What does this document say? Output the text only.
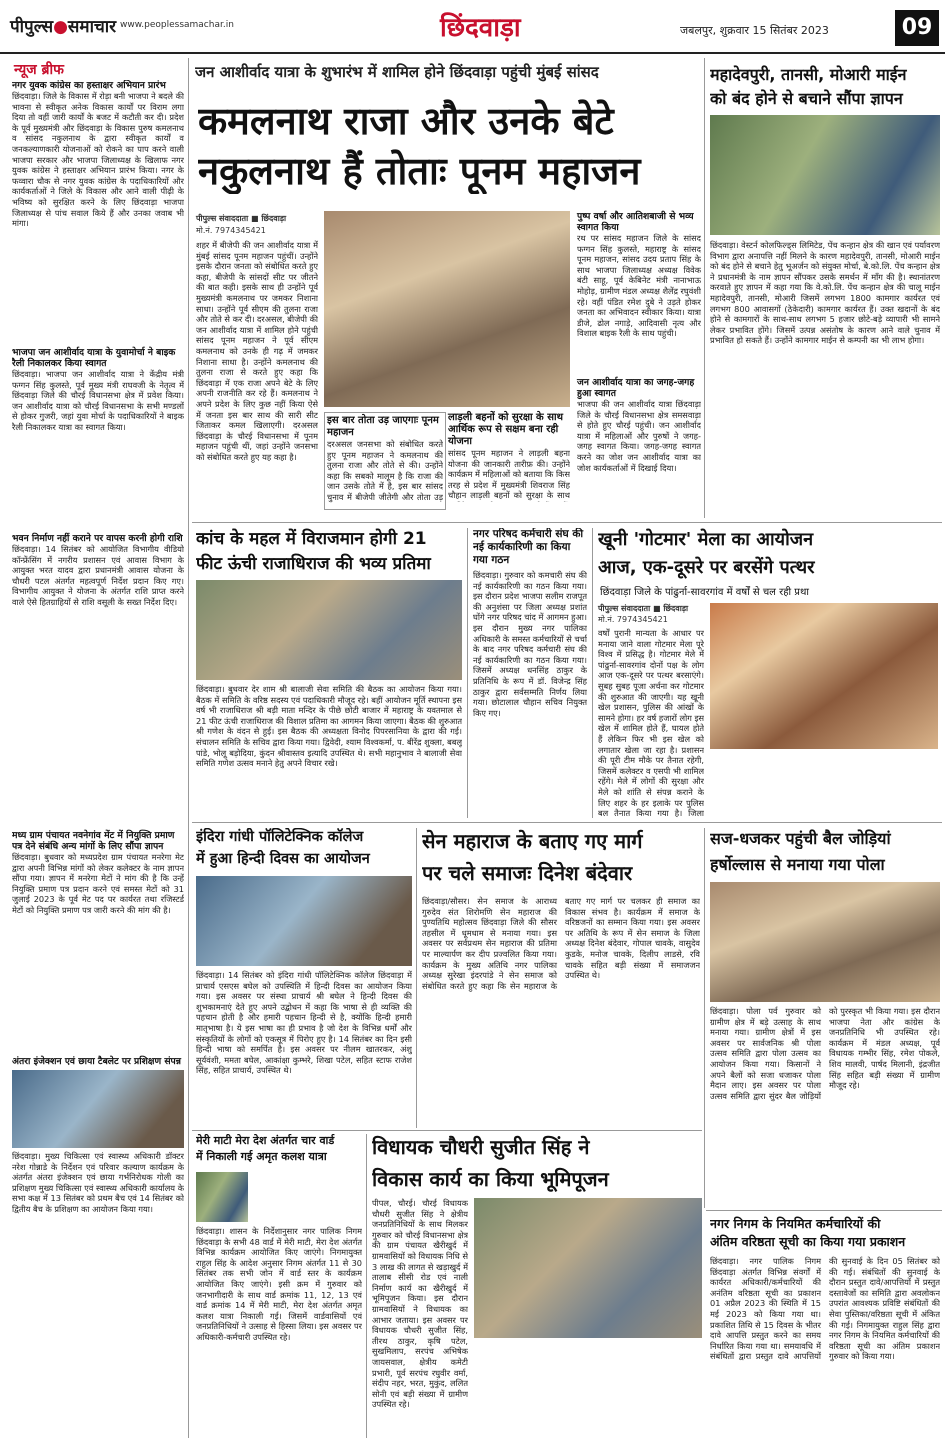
पीपुल्स●समाचार www.peoplessamachar.in	छिंदवाड़ा	जबलपुर, शुक्रवार 15 सितंबर 2023	09
न्यूज ब्रीफ
नगर युवक कांग्रेस का हस्ताक्षर अभियान प्रारंभ
छिंदवाड़ा। जिले के विकास में रोड़ा बनी भाजपा ने बदले की भावना से स्वीकृत अनेक विकास कार्यों पर विराम लगा दिया तो वहीं जारी कार्यों के बजट में कटौती कर दी। प्रदेश के पूर्व मुख्यमंत्री और छिंदवाड़ा के विकास पुरुष कमलनाथ व सांसद नकुलनाथ के द्वारा स्वीकृत कार्यों व जनकल्याणकारी योजनाओं को रोकने का पाप करने वाली भाजपा सरकार और भाजपा जिलाध्यक्ष के खिलाफ नगर युवक कांग्रेस ने हस्ताक्षर अभियान प्रारंभ किया। नगर के फव्वारा चौक से नगर युवक कांग्रेस के पदाधिकारियों और कार्यकर्ताओं ने जिले के विकास और आने वाली पीढ़ी के भविष्य को सुरक्षित करने के लिए छिंदवाड़ा भाजपा जिलाध्यक्ष से पांच सवाल किये हैं और उनका जवाब भी मांगा।
भाजपा जन आशीर्वाद यात्रा के युवामोर्चा ने बाइक रैली निकालकर किया स्वागत
छिंदवाड़ा। भाजपा जन आशीर्वाद यात्रा ने केंद्रीय मंत्री फग्गन सिंह कुलस्ते, पूर्व मुख्य मंत्री राघवजी के नेतृत्व में छिंदवाड़ा जिले की चौरई विधानसभा क्षेत्र में प्रवेश किया। जन आशीर्वाद यात्रा को चौरई विधानसभा के सभी मण्डलों से होकर गुजरी, जहां युवा मोर्चा के पदाधिकारियों ने बाइक रैली निकालकर यात्रा का स्वागत किया।
भवन निर्माण नहीं कराने पर वापस करनी होगी राशि
छिंदवाड़ा। 14 सितंबर को आयोजित विभागीय वीडियो कॉन्फ्रेंसिंग में नगरीय प्रशासन एवं आवास विभाग के आयुक्त भरत यादव द्वारा प्रधानमंत्री आवास योजना के चौधरी पटल अंतर्गत महत्वपूर्ण निर्देश प्रदान किए गए। विभागीय आयुक्त ने योजना के अंतर्गत राशि प्राप्त करने वाले ऐसे हितग्राहियों से राशि वसूली के सख्त निर्देश दिए।
मध्य ग्राम पंचायत नवनेगांव मेंट में नियुक्ति प्रमाण पत्र देने संबंधि अन्य मांगों के लिए सौंपा ज्ञापन
छिंदवाड़ा। बुधवार को मध्यप्रदेश ग्राम पंचायत मनरेगा मेट द्वारा अपनी विभिन्न मांगों को लेकर कलेक्टर के नाम ज्ञापन सौंपा गया। ज्ञापन में मनरेगा मेटों ने मांग की है कि उन्हें नियुक्ति प्रमाण पत्र प्रदान करने एवं समस्त मेटों को 31 जुलाई 2023 के पूर्व मेट पद पर कार्यरत तथा रजिस्टर्ड मेटों को नियुक्ति प्रमाण पत्र जारी करने की मांग की है।
अंतरा इंजेक्शन एवं छाया टैबलेट पर प्रशिक्षण संपन्न
छिंदवाड़ा। मुख्य चिकित्सा एवं स्वास्थ्य अधिकारी डॉक्टर नरेश गोन्नाडे के निर्देशन एवं परिवार कल्याण कार्यक्रम के अंतर्गत अंतरा इंजेक्शन एवं छाया गर्भनिरोधक गोली का प्रशिक्षण मुख्य चिकित्सा एवं स्वास्थ्य अधिकारी कार्यालय के सभा कक्ष में 13 सितंबर को प्रथम बैच एवं 14 सितंबर को द्वितीय बैच के प्रशिक्षण का आयोजन किया गया।
जन आशीर्वाद यात्रा के शुभारंभ में शामिल होने छिंदवाड़ा पहुंची मुंबई सांसद
कमलनाथ राजा और उनके बेटे
नकुलनाथ हैं तोताः पूनम महाजन
पीपुल्स संवाददाता ■ छिंदवाड़ा
मो.नं. 7974345421
शहर में बीजेपी की जन आशीर्वाद यात्रा में मुंबई सांसद पूनम महाजन पहुंचीं। उन्होंने इसके दौरान जनता को संबोधित करते हुए कहा, बीजेपी के सांसदों सीट पर जीतने की बात कही। इसके साथ ही उन्होंने पूर्व मुख्यमंत्री कमलनाथ पर जमकर निशाना साधा। उन्होंने पूर्व सीएम की तुलना राजा और तोते से कर दी। दरअसल, बीजेपी की जन आशीर्वाद यात्रा में शामिल होने पहुंची सांसद पूनम महाजन ने पूर्व सीएम कमलनाथ को उनके ही गढ़ में जमकर निशाना साधा है। उन्होंने कमलनाथ की तुलना राजा से करते हुए कहा कि छिंदवाड़ा में एक राजा अपने बेटे के लिए अपनी राजनीति कर रहे हैं। कमलनाथ ने अपने प्रदेश के लिए कुछ नहीं किया ऐसे में जनता इस बार साथ की सारी सीट जिताकर कमल खिलाएगी। दरअसल छिंदवाड़ा के चौरई विधानसभा में पूनम महाजन पहुंची थीं, जहां उन्होंने जनसभा को संबोधित करते हुए यह कहा है।
इस बार तोता उड़ जाएगाः पूनम महाजन
दरअसल जनसभा को संबोधित करते हुए पूनम महाजन ने कमलनाथ की तुलना राजा और तोते से की। उन्होंने कहा कि सबको मालूम है कि राजा की जान उसके तोते में है, इस बार सांसद चुनाव में बीजेपी जीतेगी और तोता उड़
लाड़ली बहनों को सुरक्षा के साथ आर्थिक रूप से सक्षम बना रही योजना
सांसद पूनम महाजन ने लाड़ली बहना योजना की जानकारी तारीफ़ की। उन्होंने कार्यक्रम में महिलाओं को बताया कि किस तरह से प्रदेश में मुख्यमंत्री शिवराज सिंह चौहान लाड़ली बहनों को सुरक्षा के साथ
पुष्प वर्षा और आतिशबाजी से भव्य स्वागत किया
रथ पर सांसद महाजन जिले के सांसद फग्गन सिंह कुलस्ते, महाराष्ट्र के सांसद पूनम महाजन, सांसद उदय प्रताप सिंह के साथ भाजपा जिलाध्यक्ष अध्यक्ष विवेक बंटी साहू, पूर्व केबिनेट मंत्री नानाभाऊ मोहोड़, ग्रामीण मंडल अध्यक्ष शैलेंद्र रघुवंशी रहे। वहीं पंडित रमेश दुबे ने उड़ते होकर जनता का अभिवादन स्वीकार किया। यात्रा डीजे, ढोल नगाड़े, आदिवासी नृत्य और विशाल बाइक रैली के साथ पहुंची।
जन आशीर्वाद यात्रा का जगह-जगह हुआ स्वागत
भाजपा की जन आशीर्वाद यात्रा छिंदवाड़ा जिले के चौरई विधानसभा क्षेत्र समसवाड़ा से होते हुए चौरई पहुंची। जन आशीर्वाद यात्रा में महिलाओं और पुरुषों ने जगह-जगह स्वागत किया। जगह-जगह स्वागत करने का जोश जन आशीर्वाद यात्रा का जोश कार्यकर्ताओं में दिखाई दिया।
महादेवपुरी, तानसी, मोआरी माईन
को बंद होने से बचाने सौंपा ज्ञापन
छिंदवाड़ा। वेस्टर्न कोलफिल्ड्स लिमिटेड, पेंच कन्हान क्षेत्र की खान एवं पर्यावरण विभाग द्वारा अनापत्ति नहीं मिलने के कारण महादेवपुरी, तानसी, मोआरी माईन को बंद होने से बचाने हेतु भूअर्जन को संयुक्त मोर्चा, बे.को.लि. पेंच कन्हान क्षेत्र ने प्रधानमंत्री के नाम ज्ञापन सौंपकर उसके समर्थन में माँग की है। स्थानांतरण करवाते हुए ज्ञापन में कहा गया कि वे.को.लि. पेंच कन्हान क्षेत्र की चालू माईन महादेवपुरी, तानसी, मोआरी जिसमें लगभग 1800 कामगार कार्यरत एवं लगभग 800 आवासगों (ठेकेदारी) कामगार कार्यरत हैं। उक्त खदानों के बंद होने से कामगारों के साथ-साथ लगभग 5 हजार छोटे-बड़े व्यापारी भी सामने लेकर प्रभावित होंगे। जिसमें उत्पन्न असंतोष के कारण आने वाले चुनाव में प्रभावित हो सकते हैं। उन्होंने कामगार माईन से कम्पनी का भी लाभ होगा।
कांच के महल में विराजमान होगी 21
फीट ऊंची राजाधिराज की भव्य प्रतिमा
छिंदवाड़ा। बुधवार देर शाम श्री बालाजी सेवा समिति की बैठक का आयोजन किया गया। बैठक में समिति के वरिष्ठ सदस्य एवं पदाधिकारी मौजूद रहे। बहीं आयोजन मूर्ति स्थापना इस वर्ष भी राजाधिराज श्री बड़ी माता मन्दिर के पीछे छोटी बाजार में महाराष्ट्र के यवतमाल से 21 फीट ऊंची राजाधिराज की विशाल प्रतिमा का आगमन किया जाएगा। बैठक की शुरुआत श्री गणेश के वंदन से हुई। इस बैठक की अध्यक्षता विनोद पिपरसानिया के द्वारा की गई। संचालन समिति के सचिव द्वारा किया गया। द्विवेदी, श्याम विश्वकर्मा, प. बीरेंद्र शुक्ला, बबलू पांडे, भोलू बड़ोदिया, कुंदन श्रीवास्तव इत्यादि उपस्थित थे। सभी महानुभाव ने बालाजी सेवा समिति गणेश उत्सव मनाने हेतु अपने विचार रखे।
नगर परिषद कर्मचारी संघ की नई कार्यकारिणी का किया गया गठन
छिंदवाड़ा। गुरुवार को कमचारी संघ की नई कार्यकारिणी का गठन किया गया। इस दौरान प्रदेश भाजपा सलीम राजपूत की अनुशंसा पर जिला अध्यक्ष प्रशांत घोंगे नगर परिषद चांद में आगमन हुआ। इस दौरान मुख्य नगर पालिका अधिकारी के समस्त कर्मचारियों से चर्चा के बाद नगर परिषद कर्मचारी संघ की नई कार्यकारिणी का गठन किया गया। जिसमें अध्यक्ष धनसिंह ठाकुर के प्रतिनिधि के रूप में डॉ. विजेन्द्र सिंह ठाकुर द्वारा सर्वसम्मति निर्णय लिया गया। छोटालाल चौहान सचिव नियुक्त किए गए।
खूनी 'गोटमार' मेला का आयोजन
आज, एक-दूसरे पर बरसेंगे पत्थर
छिंदवाड़ा जिले के पांढुर्ना-सावरगांव में वर्षों से चल रही प्रथा
पीपुल्स संवाददाता ■ छिंदवाड़ा
मो.नं. 7974345421
वर्षों पुरानी मान्यता के आधार पर मनाया जाने वाला गोटमार मेला पूरे विश्व में प्रसिद्ध है। गोटमार मेले में पांढुर्ना-सावरगांव दोनों पक्ष के लोग आज एक-दूसरे पर पत्थर बरसाएंगे। सुबह सुबह पूजा अर्चना कर गोटमार की शुरुआत की जाएगी। यह खूनी खेल प्रशासन, पुलिस की आंखों के सामने होगा। हर वर्ष हजारों लोग इस खेल में शामिल होते हैं, घायल होते हैं लेकिन फिर भी इस खेल को लगातार खेला जा रहा है। प्रशासन की पूरी टीम मौके पर तैनात रहेगी, जिसमें कलेक्टर व एसपी भी शामिल रहेंगे। मेले में लोगों की सुरक्षा और मेले को शांति से संपन्न कराने के लिए शहर के हर इलाके पर पुलिस बल तैनात किया गया है। जिला
इंदिरा गांधी पॉलिटेक्निक कॉलेज
में हुआ हिन्दी दिवस का आयोजन
छिंदवाड़ा। 14 सितंबर को इंदिरा गांधी पॉलिटेक्निक कॉलेज छिंदवाड़ा में प्राचार्य एसएस बघेल को उपस्थिति में हिन्दी दिवस का आयोजन किया गया। इस अवसर पर संस्था प्राचार्य श्री बघेल ने हिन्दी दिवस की शुभकामनाएं देते हुए अपने उद्बोधन में कहा कि भाषा से ही व्यक्ति की पहचान होती है और हमारी पहचान हिन्दी से है, क्योंकि हिन्दी हमारी मातृभाषा है। ये इस भाषा का ही प्रभाव है जो देश के विभिन्न धर्मों और संस्कृतियों के लोगों को एकसूत्र में पिरोए हुए है। 14 सितंबर का दिन इसी हिन्दी भाषा को समर्पित है। इस अवसर पर नीलम खातरकर, अंशु सूर्यवंशी, ममता बघेल, आकांक्षा कुम्भरे, शिखा पटेल, सहित स्टाफ राजेश सिंह, सहित प्राचार्य, उपस्थित थे।
सेन महाराज के बताए गए मार्ग
पर चले समाजः दिनेश बंदेवार
छिंदवाड़ा/सौसर। सेन समाज के आराध्य गुरुदेव संत शिरोमणि सेन महाराज की पुण्यतिथि महोत्सव छिंदवाड़ा जिले की सौसर तहसील में धूमधाम से मनाया गया। इस अवसर पर सर्वप्रथम सेन महाराज की प्रतिमा पर माल्यार्पण कर दीप प्रज्वलित किया गया। कार्यक्रम के मुख्य अतिथि नगर पालिका अध्यक्ष सुरेखा इंदरपांडे ने सेन समाज को संबोधित करते हुए कहा कि सेन महाराज के बताए गए मार्ग पर चलकर ही समाज का विकास संभव है। कार्यक्रम में समाज के वरिष्ठजनों का सम्मान किया गया। इस अवसर पर अतिथि के रूप में सेन समाज के जिला अध्यक्ष दिनेश बंदेवार, गोपाल चावके, वासुदेव कुडके, मनोज चावके, दिलीप लाडसे, रवि चावके सहित बड़ी संख्या में समाजजन उपस्थित थे।
सज-धजकर पहुंची बैल जोड़ियां
हर्षोल्लास से मनाया गया पोला
छिंदवाड़ा। पोला पर्व गुरुवार को ग्रामीण क्षेत्र में बड़े उत्साह के साथ मनाया गया। ग्रामीण क्षेत्रों में इस अवसर पर सार्वजनिक श्री पोला उत्सव समिति द्वारा पोला उत्सव का आयोजन किया गया। किसानों ने अपने बैलों को सजा धजाकर पोला मैदान लाए। इस अवसर पर पोला उत्सव समिति द्वारा सुंदर बैल जोड़ियों को पुरस्कृत भी किया गया। इस दौरान भाजपा नेता और कांग्रेस के जनप्रतिनिधि भी उपस्थित रहे। कार्यक्रम में मंडल अध्यक्ष, पूर्व विधायक गम्भीर सिंह, रमेश पोकले, शिव मालवी, पार्षद मिलानी, इंद्रजीत सिंह सहित बड़ी संख्या में ग्रामीण मौजूद रहे।
मेरी माटी मेरा देश अंतर्गत चार वार्ड
में निकाली गई अमृत कलश यात्रा
छिंदवाड़ा। शासन के निर्देशानुसार नगर पालिक निगम छिंदवाड़ा के सभी 48 वार्ड में मेरी माटी, मेरा देश अंतर्गत विभिन्न कार्यक्रम आयोजित किए जाएंगे। निगमायुक्त राहुल सिंह के आदेश अनुसार निगम अंतर्गत 11 से 30 सितंबर तक सभी जोन में वार्ड स्तर के कार्यक्रम आयोजित किए जाएंगे। इसी क्रम में गुरुवार को जनभागीदारी के साथ वार्ड क्रमांक 11, 12, 13 एवं वार्ड क्रमांक 14 में मेरी माटी, मेरा देश अंतर्गत अमृत कलश यात्रा निकाली गई। जिसमें वार्डवासियों एवं जनप्रतिनिधियों ने उत्साह से हिस्सा लिया। इस अवसर पर अधिकारी-कर्मचारी उपस्थित रहे।
विधायक चौधरी सुजीत सिंह ने
विकास कार्य का किया भूमिपूजन
पीपल, चौरई। चौरई विधायक चौधरी सुजीत सिंह ने क्षेत्रीय जनप्रतिनिधियों के साथ मिलकर गुरुवार को चौरई विधानसभा क्षेत्र की ग्राम पंचायत खैरीखुर्द में ग्रामवासियों को विधायक निधि से 3 लाख की लागत से खड़ाखुर्द में तालाब सीसी रोड एवं नाली निर्माण कार्य का खैरीखुर्द में भूमिपूजन किया। इस दौरान ग्रामवासियों ने विधायक का आभार जताया। इस अवसर पर विधायक चौधरी सुजीत सिंह, तीरथ ठाकुर, कृषि पटेल, सुखमिलाप, सरपंच अभिषेक जायसवाल, क्षेत्रीय कमेटी प्रभारी, पूर्व सरपंच रघुवीर वर्मा, संदीप नहर, भरत, मुकुंद, ललित सोनी एवं बड़ी संख्या में ग्रामीण उपस्थित रहे।
नगर निगम के नियमित कर्मचारियों की
अंतिम वरिष्ठता सूची का किया गया प्रकाशन
छिंदवाड़ा। नगर पालिक निगम छिंदवाड़ा अंतर्गत विभिन्न संवर्गों में कार्यरत अधिकारी/कर्मचारियों की अनंतिम वरिष्ठता सूची का प्रकाशन 01 अप्रैल 2023 की स्थिति में 15 मई 2023 को किया गया था। प्रकाशित तिथि से 15 दिवस के भीतर दावे आपत्ति प्रस्तुत करने का समय निर्धारित किया गया था। समयावधि में संबंधितों द्वारा प्रस्तुत दावे आपत्तियों की सुनवाई के दिन 05 सितंबर को की गई। संबंधितों की सुनवाई के दौरान प्रस्तुत दावे/आपत्तियों में प्रस्तुत दस्तावेजों का समिति द्वारा अवलोकन उपरांत आवश्यक प्रविष्टि संबंधितों की सेवा पुस्तिका/वरिष्ठता सूची में अंकित की गई। निगमायुक्त राहुल सिंह द्वारा नगर निगम के नियमित कर्मचारियों की वरिष्ठता सूची का अंतिम प्रकाशन गुरुवार को किया गया।
